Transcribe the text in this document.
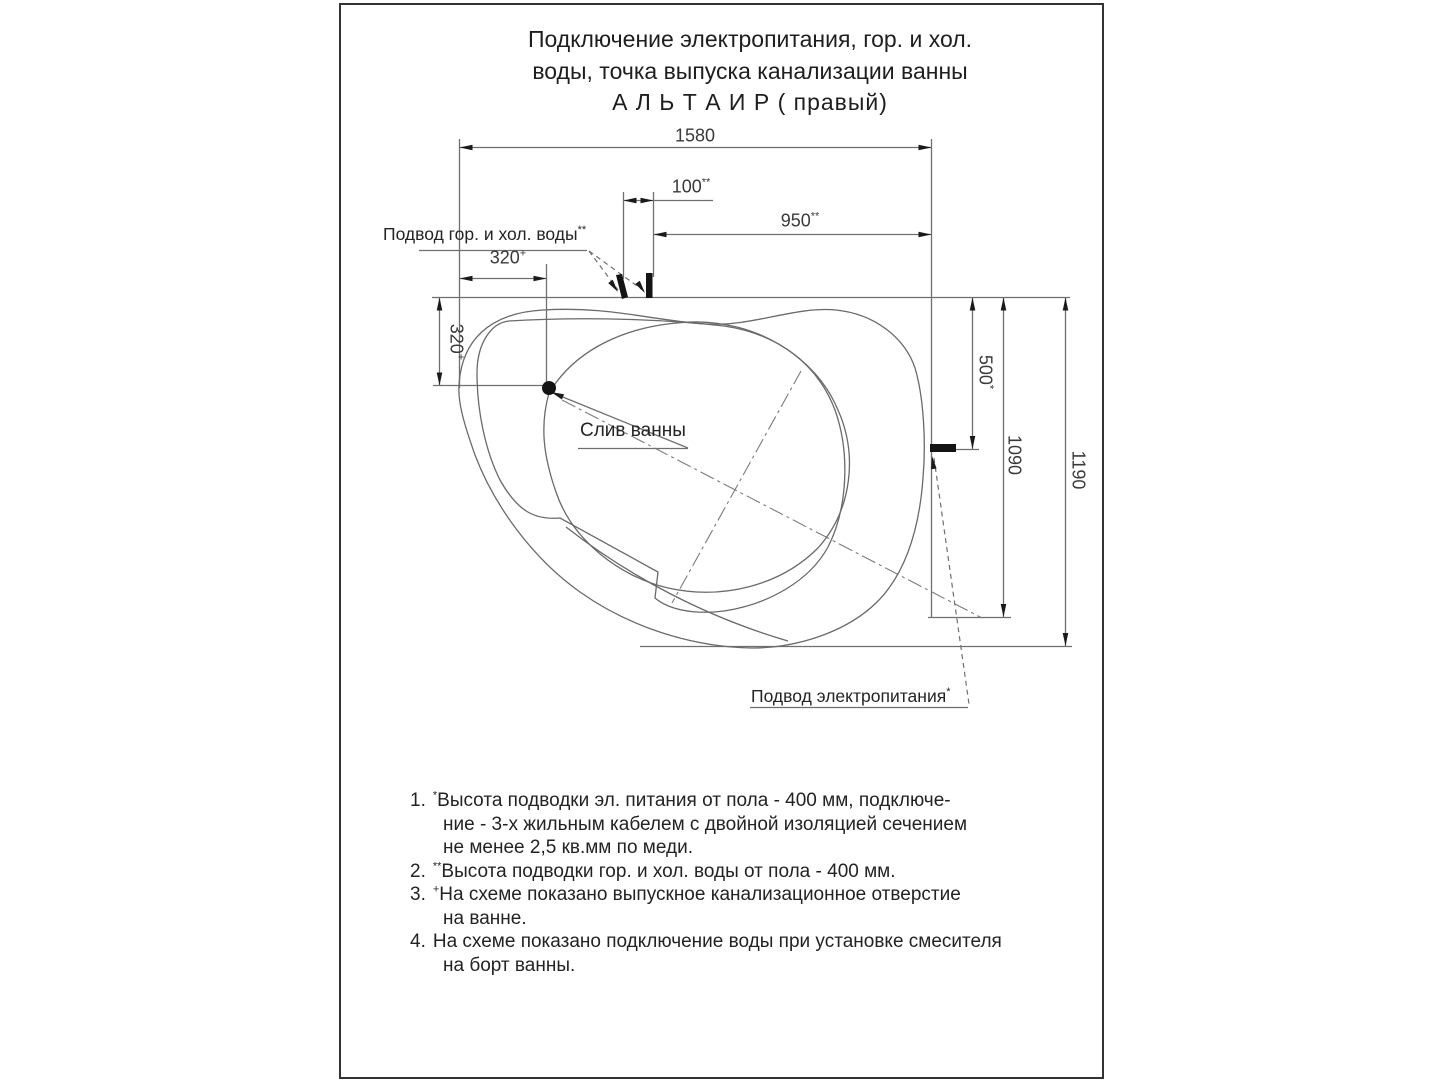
Подключение электропитания, гор. и хол.
воды, точка выпуска канализации ванны
А Л Ь Т А И Р ( правый)
1580
100**
950**
320+
320+	500*
1090 1190
Подвод гор. и хол. воды**
Слив ванны
Подвод электропитания*
1. *Высота подводки эл. питания от пола - 400 мм, подключе-
ние - 3-х жильным кабелем с двойной изоляцией сечением
не менее 2,5 кв.мм по меди.
2. **Высота подводки гор. и хол. воды от пола - 400 мм.
3. +На схеме показано выпускное канализационное отверстие
на ванне.
4. На схеме показано подключение воды при установке смесителя
на борт ванны.
